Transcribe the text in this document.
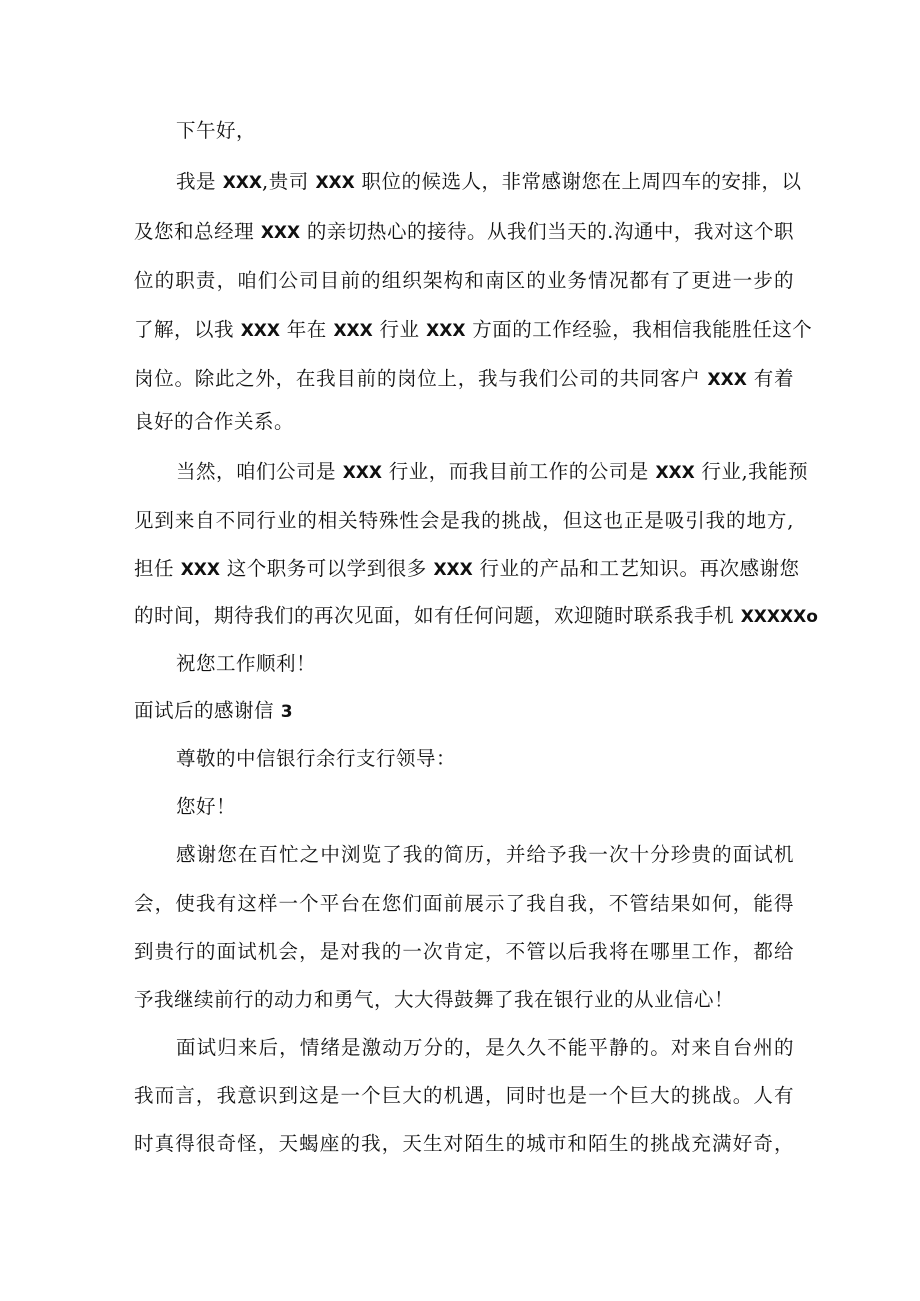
下午好，
我是 XXX,贵司 XXX 职位的候选人，非常感谢您在上周四车的安排，以
及您和总经理 XXX 的亲切热心的接待。从我们当天的.沟通中，我对这个职
位的职责，咱们公司目前的组织架构和南区的业务情况都有了更进一步的
了解，以我 XXX 年在 XXX 行业 XXX 方面的工作经验，我相信我能胜任这个
岗位。除此之外，在我目前的岗位上，我与我们公司的共同客户 XXX 有着
良好的合作关系。
当然，咱们公司是 XXX 行业，而我目前工作的公司是 XXX 行业,我能预
见到来自不同行业的相关特殊性会是我的挑战，但这也正是吸引我的地方,
担任 XXX 这个职务可以学到很多 XXX 行业的产品和工艺知识。再次感谢您
的时间，期待我们的再次见面，如有任何问题，欢迎随时联系我手机 XXXXXo
祝您工作顺利！
面试后的感谢信 3
尊敬的中信银行余行支行领导：
您好！
感谢您在百忙之中浏览了我的简历，并给予我一次十分珍贵的面试机
会，使我有这样一个平台在您们面前展示了我自我，不管结果如何，能得
到贵行的面试机会，是对我的一次肯定，不管以后我将在哪里工作，都给
予我继续前行的动力和勇气，大大得鼓舞了我在银行业的从业信心！
面试归来后，情绪是激动万分的，是久久不能平静的。对来自台州的
我而言，我意识到这是一个巨大的机遇，同时也是一个巨大的挑战。人有
时真得很奇怪，天蝎座的我，天生对陌生的城市和陌生的挑战充满好奇，
